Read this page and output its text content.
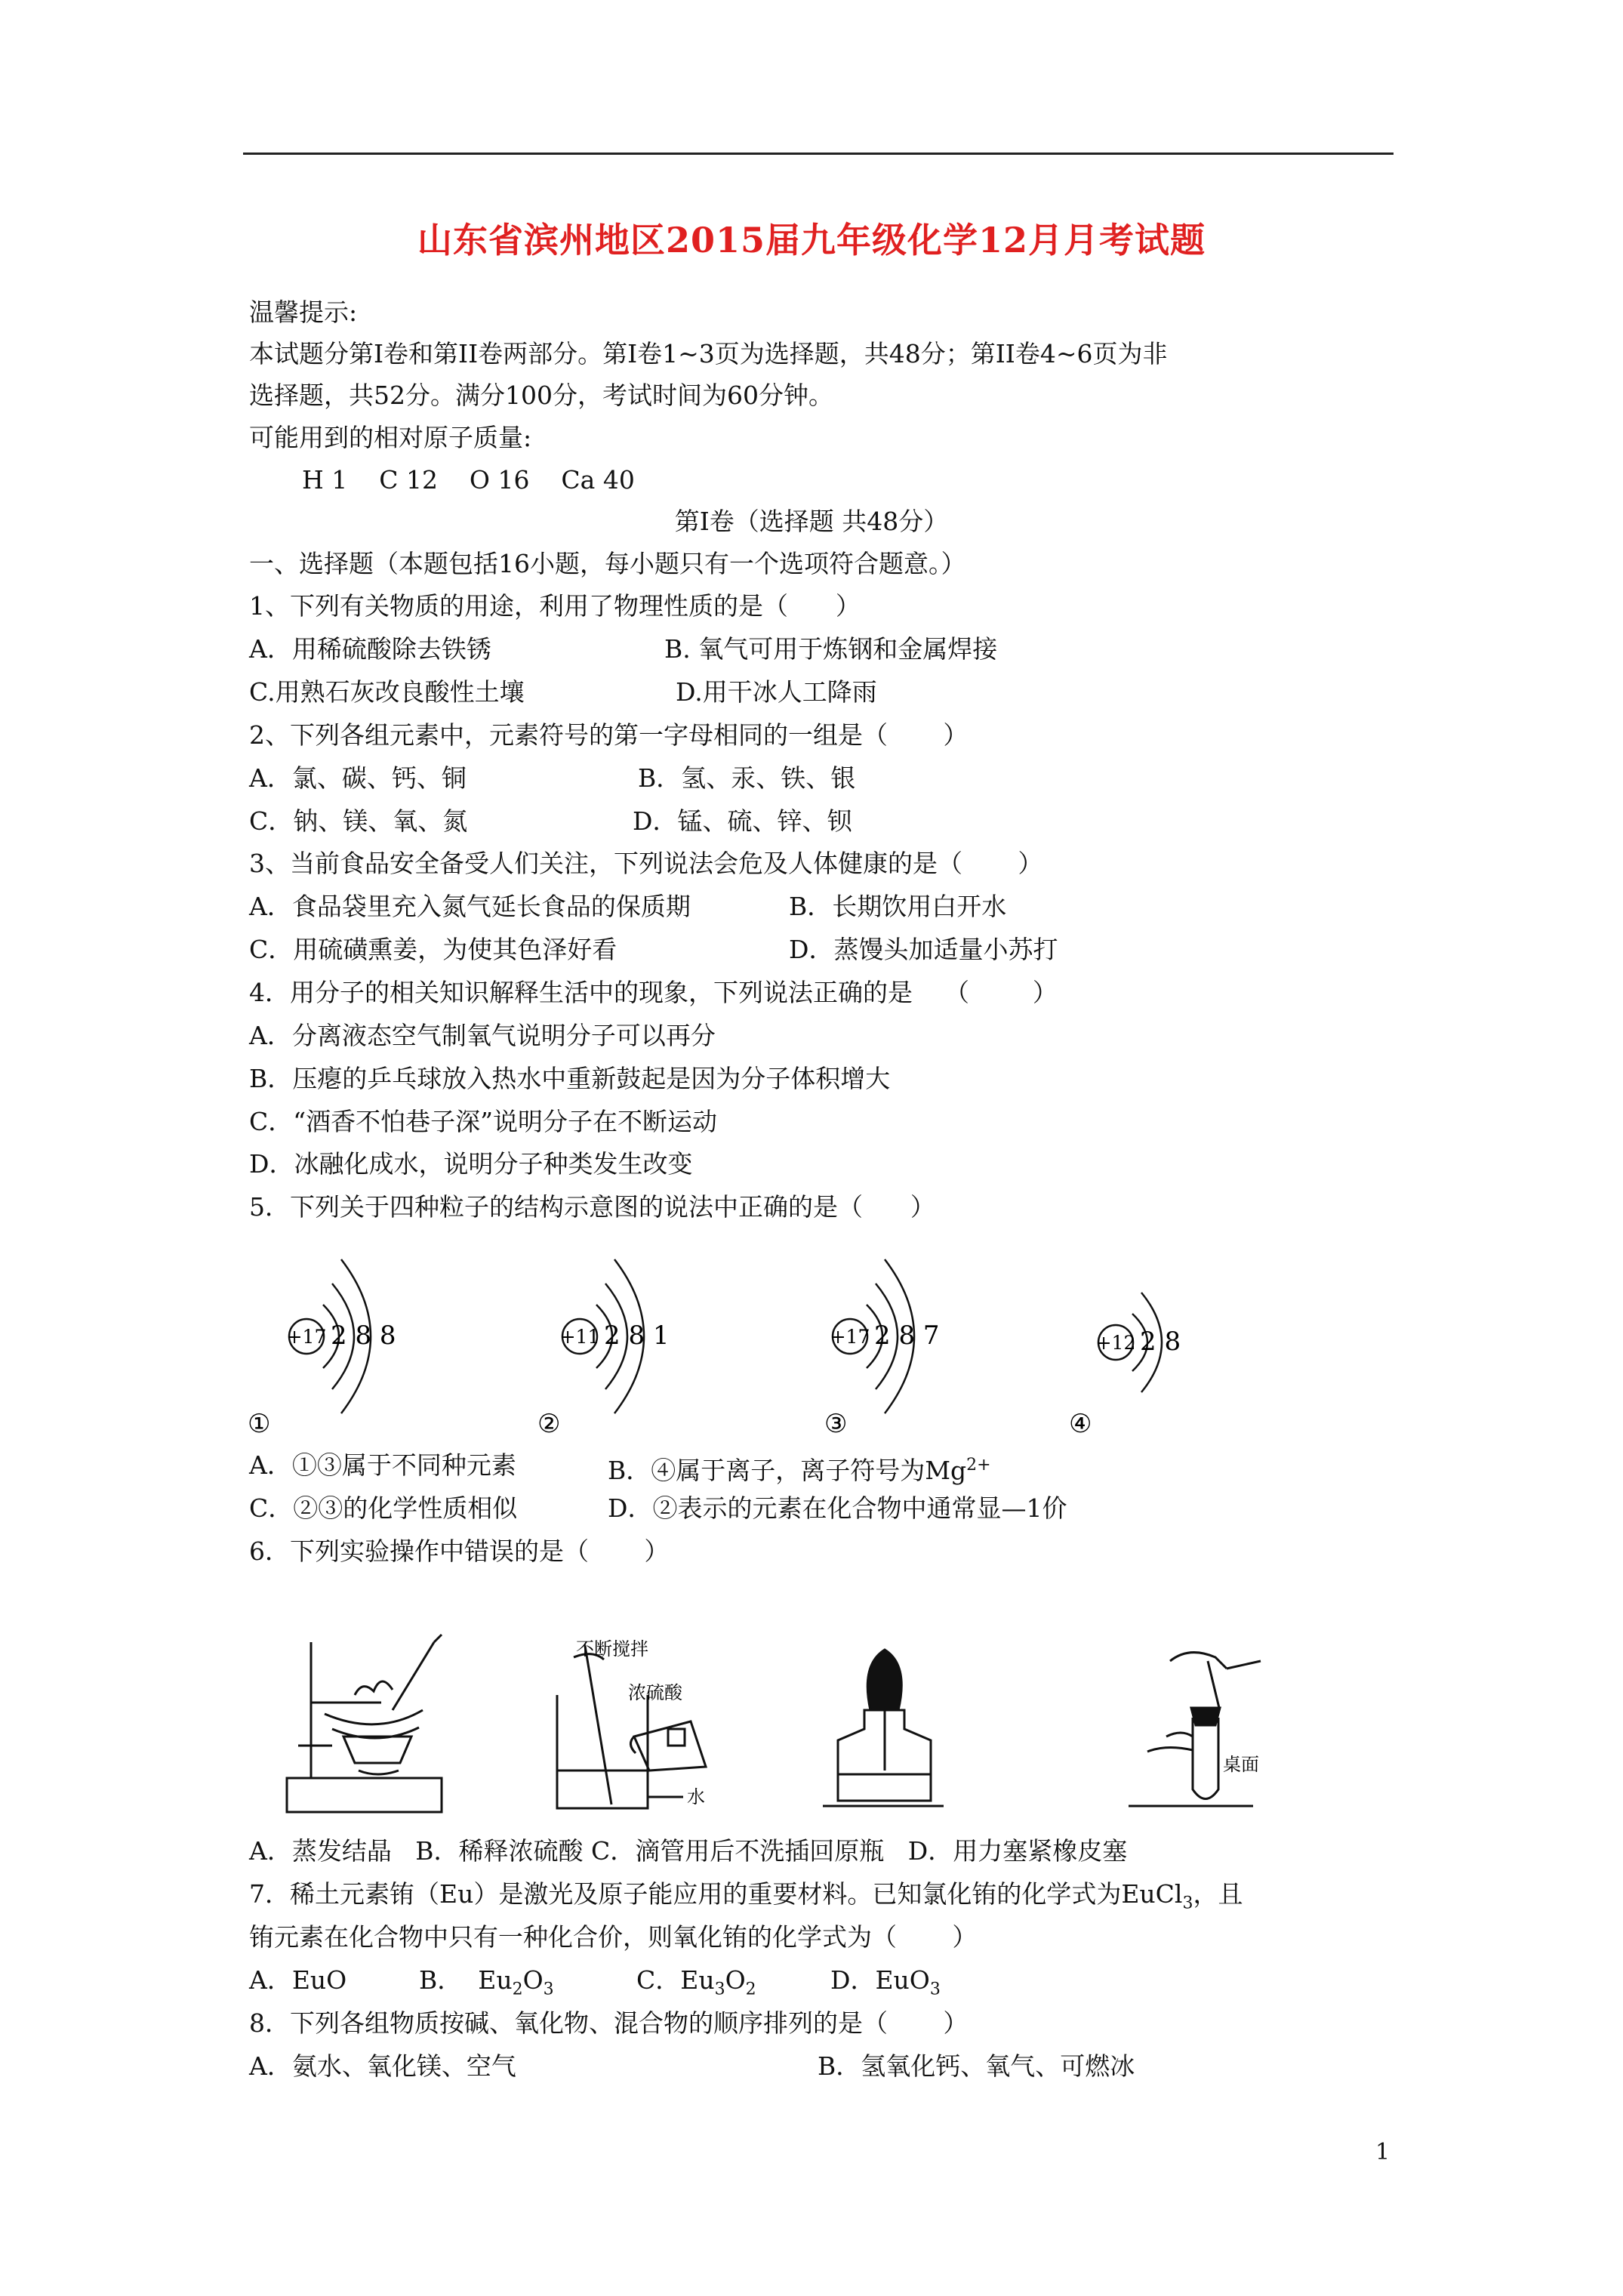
山东省滨州地区2015届九年级化学12月月考试题
温馨提示:
本试题分第Ⅰ卷和第II卷两部分。第Ⅰ卷1~3页为选择题，共48分；第II卷4~6页为非
选择题，共52分。满分100分，考试时间为60分钟。
可能用到的相对原子质量:
H 1    C 12    O 16    Ca 40
第Ⅰ卷（选择题 共48分）
一、选择题（本题包括16小题，每小题只有一个选项符合题意。）
1、下列有关物质的用途，利用了物理性质的是（      ）
A．用稀硫酸除去铁锈	B. 氧气可用于炼钢和金属焊接
C.用熟石灰改良酸性土壤	D.用干冰人工降雨
2、下列各组元素中，元素符号的第一字母相同的一组是（       ）
A．氯、碳、钙、铜	B．氢、汞、铁、银
C．钠、镁、氧、氮	D．锰、硫、锌、钡
3、当前食品安全备受人们关注，下列说法会危及人体健康的是（       ）
A．食品袋里充入氮气延长食品的保质期	B．长期饮用白开水
C．用硫磺熏姜，为使其色泽好看	D．蒸馒头加适量小苏打
4．用分子的相关知识解释生活中的现象，下列说法正确的是    （        ）
A．分离液态空气制氧气说明分子可以再分
B．压瘪的乒乓球放入热水中重新鼓起是因为分子体积增大
C．“酒香不怕巷子深”说明分子在不断运动
D．冰融化成水，说明分子种类发生改变
5．下列关于四种粒子的结构示意图的说法中正确的是（      ）
+17 2 8 8	+11 2 8 1	+17 2 8 7	+12 2 8
①	②	③	④
A．①③属于不同种元素	B．④属于离子，离子符号为$Mg^{2+}$
C．②③的化学性质相似	D．②表示的元素在化合物中通常显—1价
6．下列实验操作中错误的是（       ）
不断搅拌
浓硫酸
水
桌面
A．蒸发结晶   B．稀释浓硫酸 C．滴管用后不洗插回原瓶   D．用力塞紧橡皮塞
7．稀土元素铕（Eu）是激光及原子能应用的重要材料。已知氯化铕的化学式为EuCl$_3$，且
铕元素在化合物中只有一种化合价，则氧化铕的化学式为（       ）
A．EuO	B．  $Eu_2O_3$	C．$Eu_3O_2$	D．EuO$_3$
8．下列各组物质按碱、氧化物、混合物的顺序排列的是（       ）
A．氨水、氧化镁、空气	B．氢氧化钙、氧气、可燃冰
1
